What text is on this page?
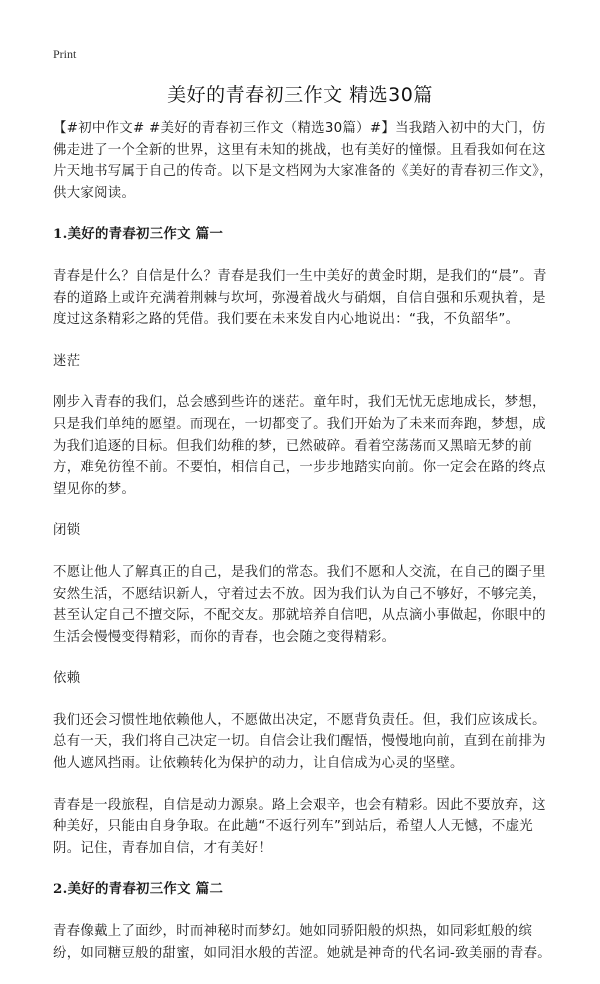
Print
美好的青春初三作文 精选30篇

【#初中作文# #美好的青春初三作文（精选30篇）#】当我踏入初中的大门，仿佛走进了一个全新的世界，这里有未知的挑战，也有美好的憧憬。且看我如何在这片天地书写属于自己的传奇。以下是文档网为大家准备的《美好的青春初三作文》，供大家阅读。

1.美好的青春初三作文 篇一

青春是什么？自信是什么？青春是我们一生中美好的黄金时期，是我们的“晨”。青春的道路上或许充满着荆棘与坎坷，弥漫着战火与硝烟，自信自强和乐观执着，是度过这条精彩之路的凭借。我们要在未来发自内心地说出：“我，不负韶华”。

迷茫

刚步入青春的我们，总会感到些许的迷茫。童年时，我们无忧无虑地成长，梦想，只是我们单纯的愿望。而现在，一切都变了。我们开始为了未来而奔跑，梦想，成为我们追逐的目标。但我们幼稚的梦，已然破碎。看着空荡荡而又黑暗无梦的前方，难免彷徨不前。不要怕，相信自己，一步步地踏实向前。你一定会在路的终点望见你的梦。

闭锁

不愿让他人了解真正的自己，是我们的常态。我们不愿和人交流，在自己的圈子里安然生活，不愿结识新人，守着过去不放。因为我们认为自己不够好，不够完美，甚至认定自己不擅交际，不配交友。那就培养自信吧，从点滴小事做起，你眼中的生活会慢慢变得精彩，而你的青春，也会随之变得精彩。

依赖

我们还会习惯性地依赖他人，不愿做出决定，不愿背负责任。但，我们应该成长。总有一天，我们将自己决定一切。自信会让我们醒悟，慢慢地向前，直到在前排为他人遮风挡雨。让依赖转化为保护的动力，让自信成为心灵的坚壁。

青春是一段旅程，自信是动力源泉。路上会艰辛，也会有精彩。因此不要放弃，这种美好，只能由自身争取。在此趟“不返行列车”到站后，希望人人无憾，不虚光阴。记住，青春加自信，才有美好！

2.美好的青春初三作文 篇二

青春像戴上了面纱，时而神秘时而梦幻。她如同骄阳般的炽热，如同彩虹般的缤纷，如同糖豆般的甜蜜，如同泪水般的苦涩。她就是神奇的代名词-致美丽的青春。
